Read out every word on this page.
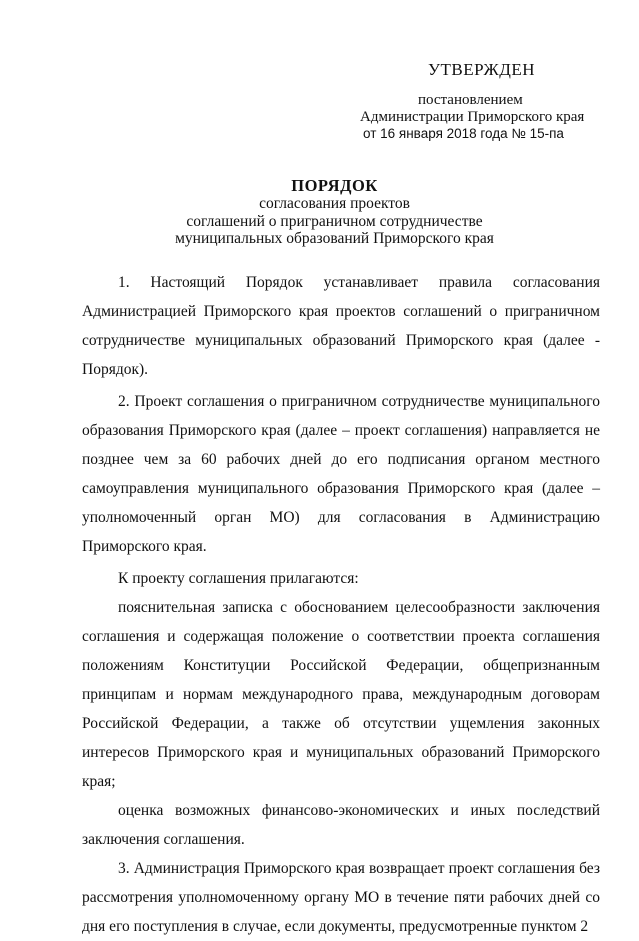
УТВЕРЖДЕН
постановлением
Администрации Приморского края
от 16 января 2018 года № 15-па
ПОРЯДОК
согласования проектов
соглашений о приграничном сотрудничестве
муниципальных образований Приморского края

1. Настоящий Порядок устанавливает правила согласования Администрацией Приморского края проектов соглашений о приграничном сотрудничестве муниципальных образований Приморского края (далее - Порядок).

2. Проект соглашения о приграничном сотрудничестве муниципального образования Приморского края (далее – проект соглашения) направляется не позднее чем за 60 рабочих дней до его подписания органом местного самоуправления муниципального образования Приморского края (далее – уполномоченный орган МО) для согласования в Администрацию Приморского края.

К проекту соглашения прилагаются:

пояснительная записка с обоснованием целесообразности заключения соглашения и содержащая положение о соответствии проекта соглашения положениям Конституции Российской Федерации, общепризнанным принципам и нормам международного права, международным договорам Российской Федерации, а также об отсутствии ущемления законных интересов Приморского края и муниципальных образований Приморского края;

оценка возможных финансово-экономических и иных последствий заключения соглашения.

3. Администрация Приморского края возвращает проект соглашения без рассмотрения уполномоченному органу МО в течение пяти рабочих дней со дня его поступления в случае, если документы, предусмотренные пунктом 2
